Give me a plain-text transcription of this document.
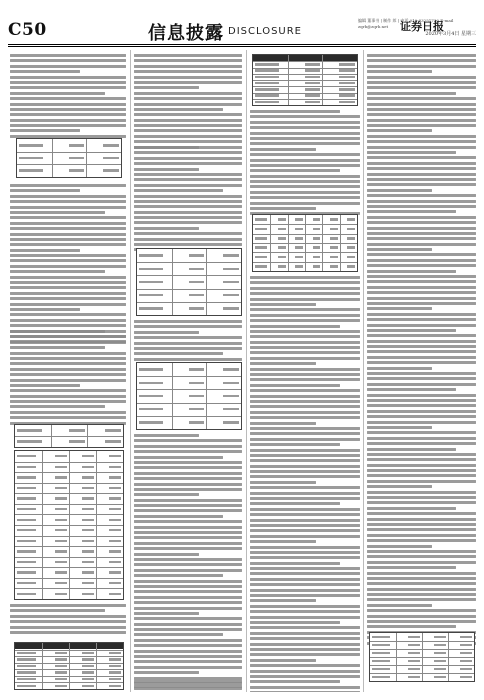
C50	信息披露 DISCLOSURE
编辑 董事书 | 制作 邦 | 电话 010-83251730 E-mail zqrb@zqrb.net	证券日报
2020年3月4日 星期三
